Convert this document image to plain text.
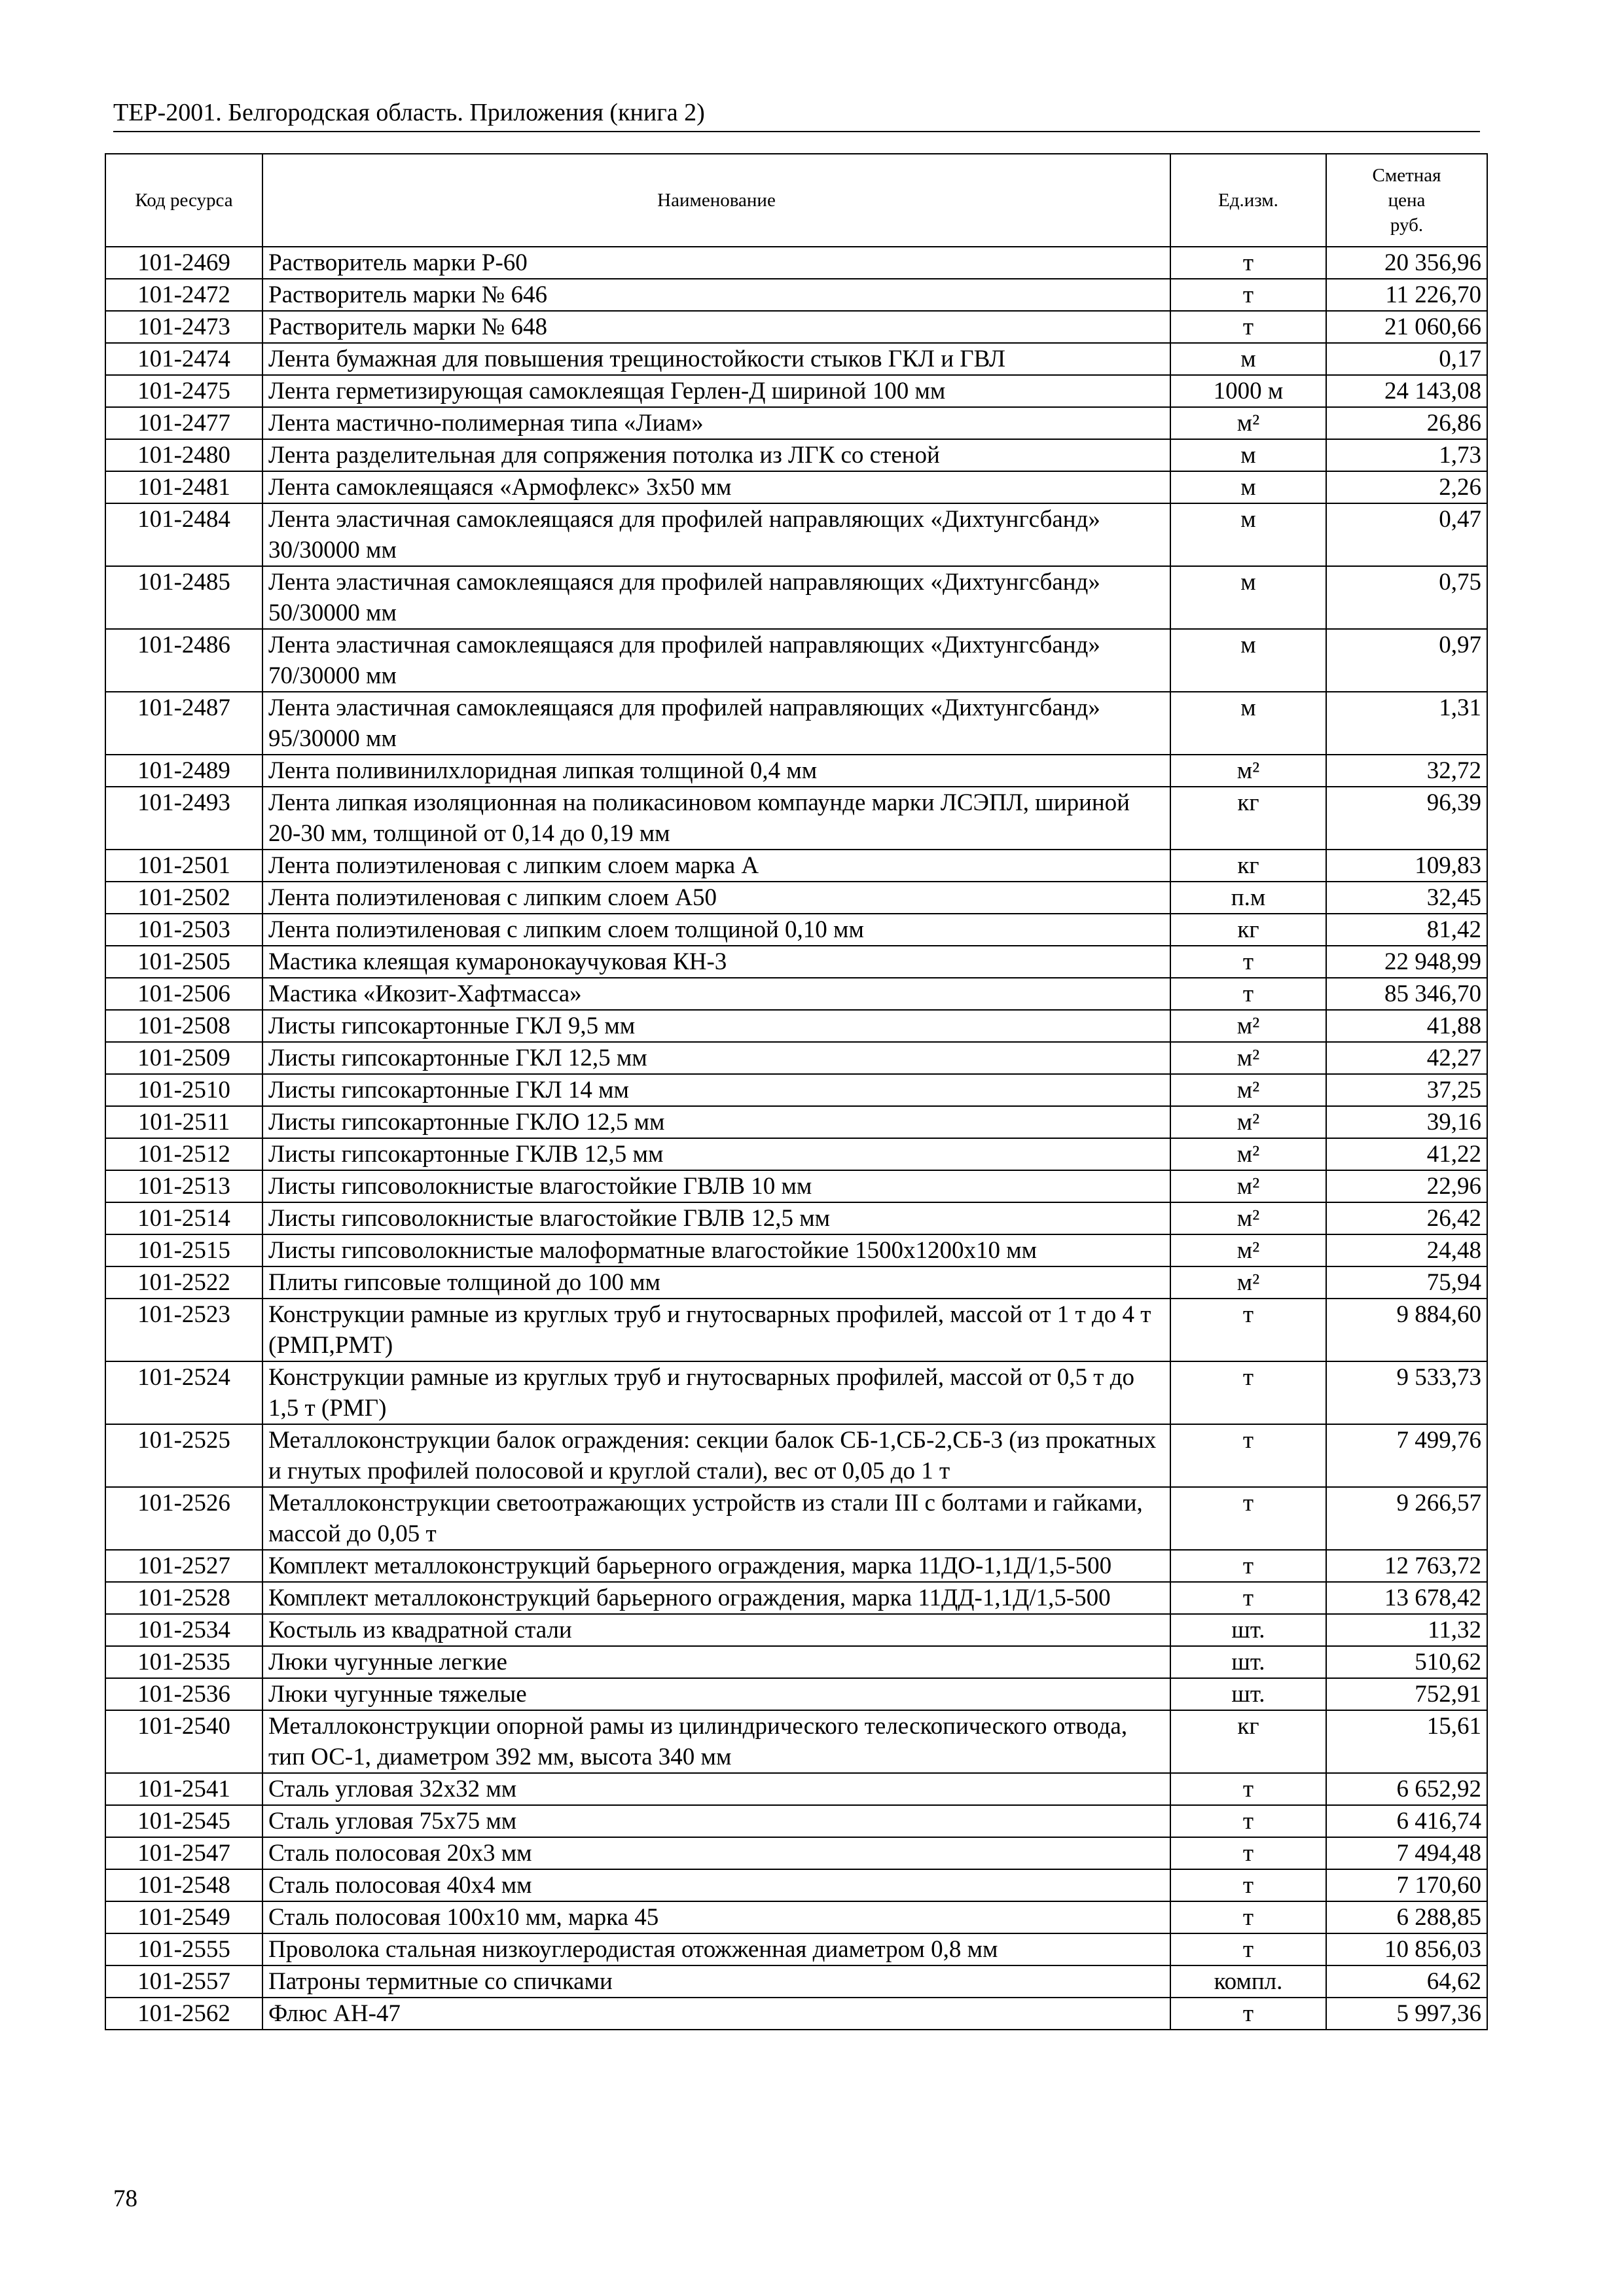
ТЕР-2001. Белгородская область. Приложения (книга 2)
Код ресурса	Наименование	Ед.изм.	Сметная
цена
руб.

101-2469	Растворитель марки Р-60	т	20 356,96
101-2472	Растворитель марки № 646	т	11 226,70
101-2473	Растворитель марки № 648	т	21 060,66
101-2474	Лента бумажная для повышения трещиностойкости стыков ГКЛ и ГВЛ	м	0,17
101-2475	Лента герметизирующая самоклеящая Герлен-Д шириной 100 мм	1000 м	24 143,08
101-2477	Лента мастично-полимерная типа «Лиам»	м²	26,86
101-2480	Лента разделительная для сопряжения потолка из ЛГК со стеной	м	1,73
101-2481	Лента самоклеящаяся «Армофлекс» 3x50 мм	м	2,26
101-2484	Лента эластичная самоклеящаяся для профилей направляющих «Дихтунгсбанд» 30/30000 мм	м	0,47
101-2485	Лента эластичная самоклеящаяся для профилей направляющих «Дихтунгсбанд» 50/30000 мм	м	0,75
101-2486	Лента эластичная самоклеящаяся для профилей направляющих «Дихтунгсбанд» 70/30000 мм	м	0,97
101-2487	Лента эластичная самоклеящаяся для профилей направляющих «Дихтунгсбанд» 95/30000 мм	м	1,31
101-2489	Лента поливинилхлоридная липкая толщиной 0,4 мм	м²	32,72
101-2493	Лента липкая изоляционная на поликасиновом компаунде марки ЛСЭПЛ, шириной 20-30 мм, толщиной от 0,14 до 0,19 мм	кг	96,39
101-2501	Лента полиэтиленовая с липким слоем марка А	кг	109,83
101-2502	Лента полиэтиленовая с липким слоем А50	п.м	32,45
101-2503	Лента полиэтиленовая с липким слоем толщиной 0,10 мм	кг	81,42
101-2505	Мастика клеящая кумаронокаучуковая КН-3	т	22 948,99
101-2506	Мастика «Икозит-Хафтмасса»	т	85 346,70
101-2508	Листы гипсокартонные ГКЛ 9,5 мм	м²	41,88
101-2509	Листы гипсокартонные ГКЛ 12,5 мм	м²	42,27
101-2510	Листы гипсокартонные ГКЛ 14 мм	м²	37,25
101-2511	Листы гипсокартонные ГКЛО 12,5 мм	м²	39,16
101-2512	Листы гипсокартонные ГКЛВ 12,5 мм	м²	41,22
101-2513	Листы гипсоволокнистые влагостойкие ГВЛВ 10 мм	м²	22,96
101-2514	Листы гипсоволокнистые влагостойкие ГВЛВ 12,5 мм	м²	26,42
101-2515	Листы гипсоволокнистые малоформатные влагостойкие 1500x1200x10 мм	м²	24,48
101-2522	Плиты гипсовые толщиной до 100 мм	м²	75,94
101-2523	Конструкции рамные из круглых труб и гнутосварных профилей, массой от 1 т до 4 т (РМП,РМТ)	т	9 884,60
101-2524	Конструкции рамные из круглых труб и гнутосварных профилей, массой от 0,5 т до 1,5 т (РМГ)	т	9 533,73
101-2525	Металлоконструкции балок ограждения: секции балок СБ-1,СБ-2,СБ-3 (из прокатных и гнутых профилей полосовой и круглой стали), вес от 0,05 до 1 т	т	7 499,76
101-2526	Металлоконструкции светоотражающих устройств из стали III с болтами и гайками, массой до 0,05 т	т	9 266,57
101-2527	Комплект металлоконструкций барьерного ограждения, марка 11ДО-1,1Д/1,5-500	т	12 763,72
101-2528	Комплект металлоконструкций барьерного ограждения, марка 11ДД-1,1Д/1,5-500	т	13 678,42
101-2534	Костыль из квадратной стали	шт.	11,32
101-2535	Люки чугунные легкие	шт.	510,62
101-2536	Люки чугунные тяжелые	шт.	752,91
101-2540	Металлоконструкции опорной рамы из цилиндрического телескопического отвода, тип ОС-1, диаметром 392 мм, высота 340 мм	кг	15,61
101-2541	Сталь угловая 32x32 мм	т	6 652,92
101-2545	Сталь угловая 75x75 мм	т	6 416,74
101-2547	Сталь полосовая 20x3 мм	т	7 494,48
101-2548	Сталь полосовая 40x4 мм	т	7 170,60
101-2549	Сталь полосовая 100x10 мм, марка 45	т	6 288,85
101-2555	Проволока стальная низкоуглеродистая отожженная диаметром 0,8 мм	т	10 856,03
101-2557	Патроны термитные со спичками	компл.	64,62
101-2562	Флюс АН-47	т	5 997,36
78
